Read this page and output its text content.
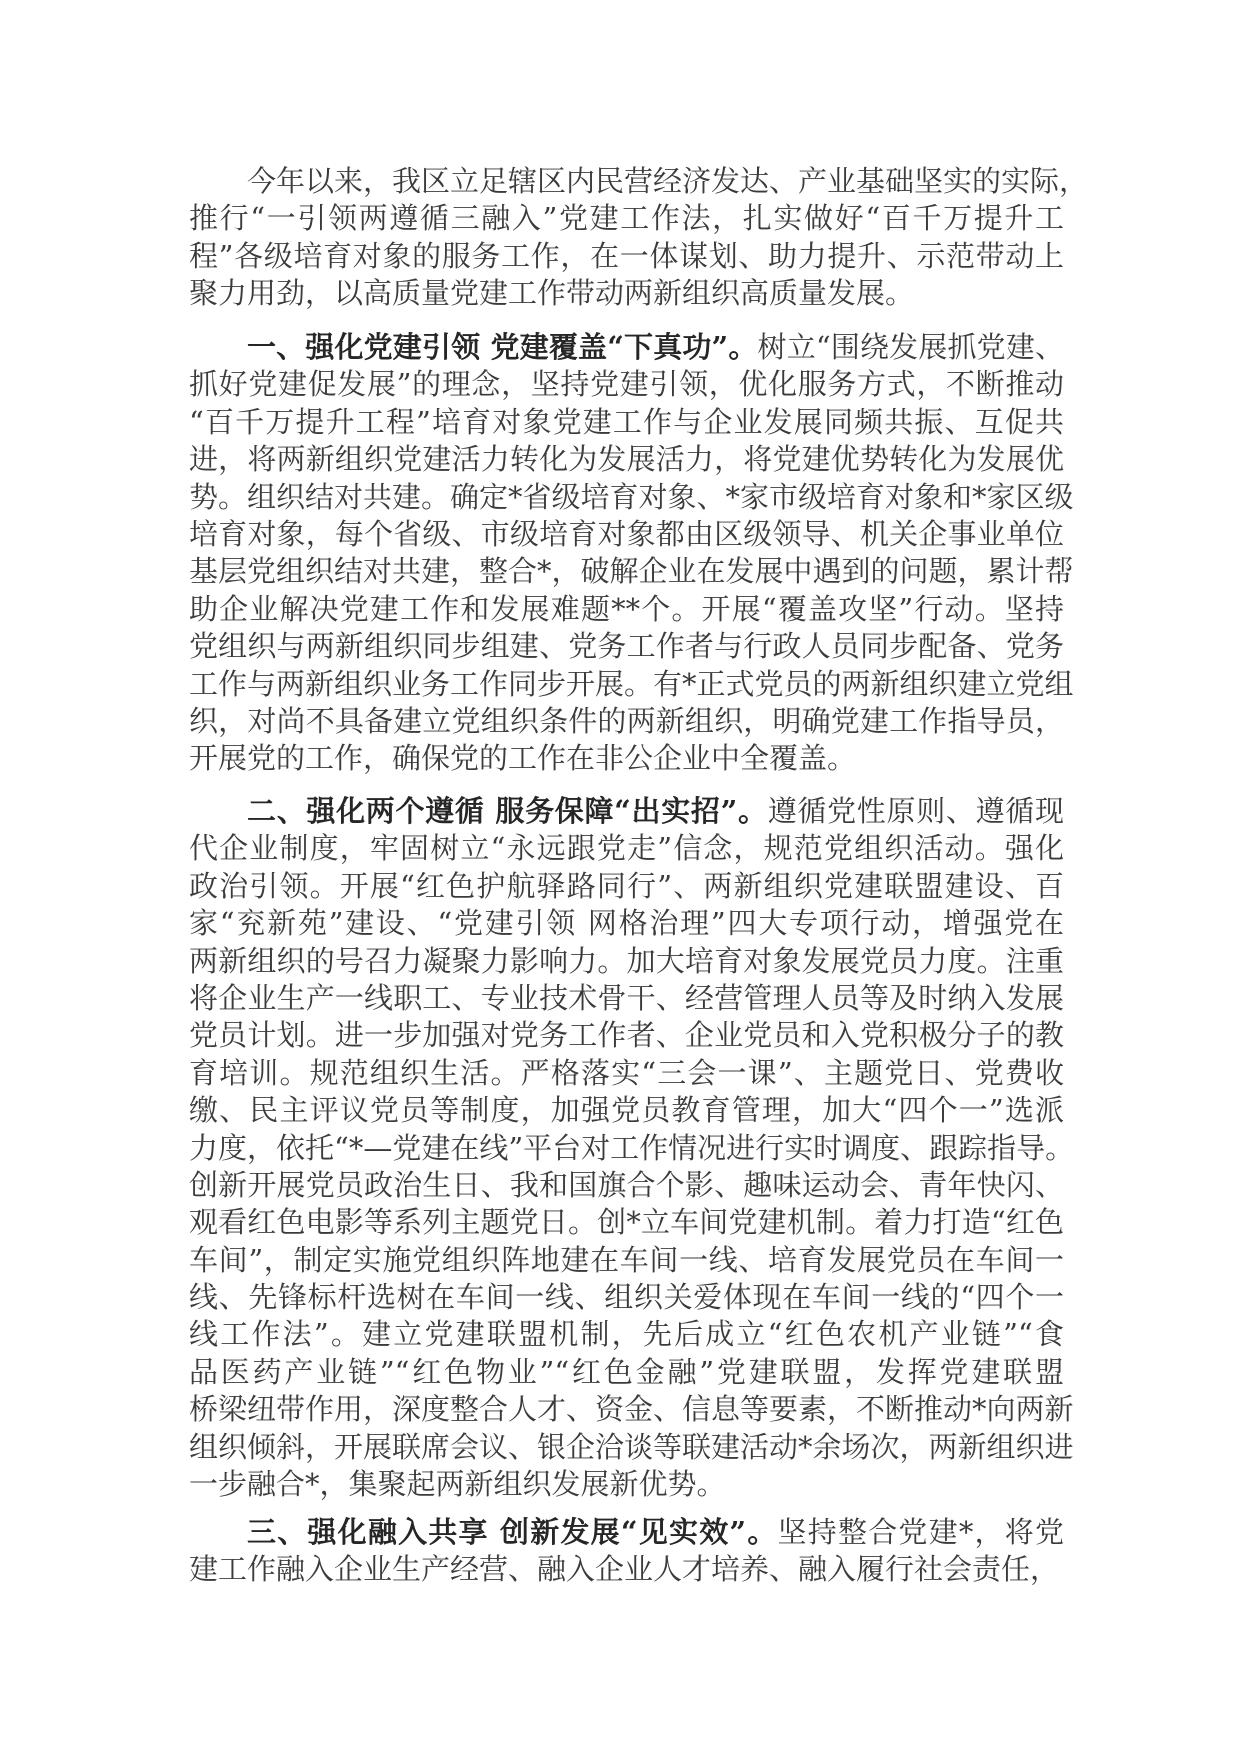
今年以来，我区立足辖区内民营经济发达、产业基础坚实的实际，
推行“一引领两遵循三融入”党建工作法，扎实做好“百千万提升工
程”各级培育对象的服务工作，在一体谋划、助力提升、示范带动上
聚力用劲，以高质量党建工作带动两新组织高质量发展。
一、强化党建引领 党建覆盖“下真功”。树立“围绕发展抓党建、
抓好党建促发展”的理念，坚持党建引领，优化服务方式，不断推动
“百千万提升工程”培育对象党建工作与企业发展同频共振、互促共
进，将两新组织党建活力转化为发展活力，将党建优势转化为发展优
势。组织结对共建。确定*省级培育对象、*家市级培育对象和*家区级
培育对象，每个省级、市级培育对象都由区级领导、机关企事业单位
基层党组织结对共建，整合*，破解企业在发展中遇到的问题，累计帮
助企业解决党建工作和发展难题**个。开展“覆盖攻坚”行动。坚持
党组织与两新组织同步组建、党务工作者与行政人员同步配备、党务
工作与两新组织业务工作同步开展。有*正式党员的两新组织建立党组
织，对尚不具备建立党组织条件的两新组织，明确党建工作指导员，
开展党的工作，确保党的工作在非公企业中全覆盖。
二、强化两个遵循 服务保障“出实招”。遵循党性原则、遵循现
代企业制度，牢固树立“永远跟党走”信念，规范党组织活动。强化
政治引领。开展“红色护航驿路同行”、两新组织党建联盟建设、百
家“兖新苑”建设、“党建引领 网格治理”四大专项行动，增强党在
两新组织的号召力凝聚力影响力。加大培育对象发展党员力度。注重
将企业生产一线职工、专业技术骨干、经营管理人员等及时纳入发展
党员计划。进一步加强对党务工作者、企业党员和入党积极分子的教
育培训。规范组织生活。严格落实“三会一课”、主题党日、党费收
缴、民主评议党员等制度，加强党员教育管理，加大“四个一”选派
力度，依托“*—党建在线”平台对工作情况进行实时调度、跟踪指导。
创新开展党员政治生日、我和国旗合个影、趣味运动会、青年快闪、
观看红色电影等系列主题党日。创*立车间党建机制。着力打造“红色
车间”，制定实施党组织阵地建在车间一线、培育发展党员在车间一
线、先锋标杆选树在车间一线、组织关爱体现在车间一线的“四个一
线工作法”。建立党建联盟机制，先后成立“红色农机产业链”“食
品医药产业链”“红色物业”“红色金融”党建联盟，发挥党建联盟
桥梁纽带作用，深度整合人才、资金、信息等要素，不断推动*向两新
组织倾斜，开展联席会议、银企洽谈等联建活动*余场次，两新组织进
一步融合*，集聚起两新组织发展新优势。
三、强化融入共享 创新发展“见实效”。坚持整合党建*，将党
建工作融入企业生产经营、融入企业人才培养、融入履行社会责任，
